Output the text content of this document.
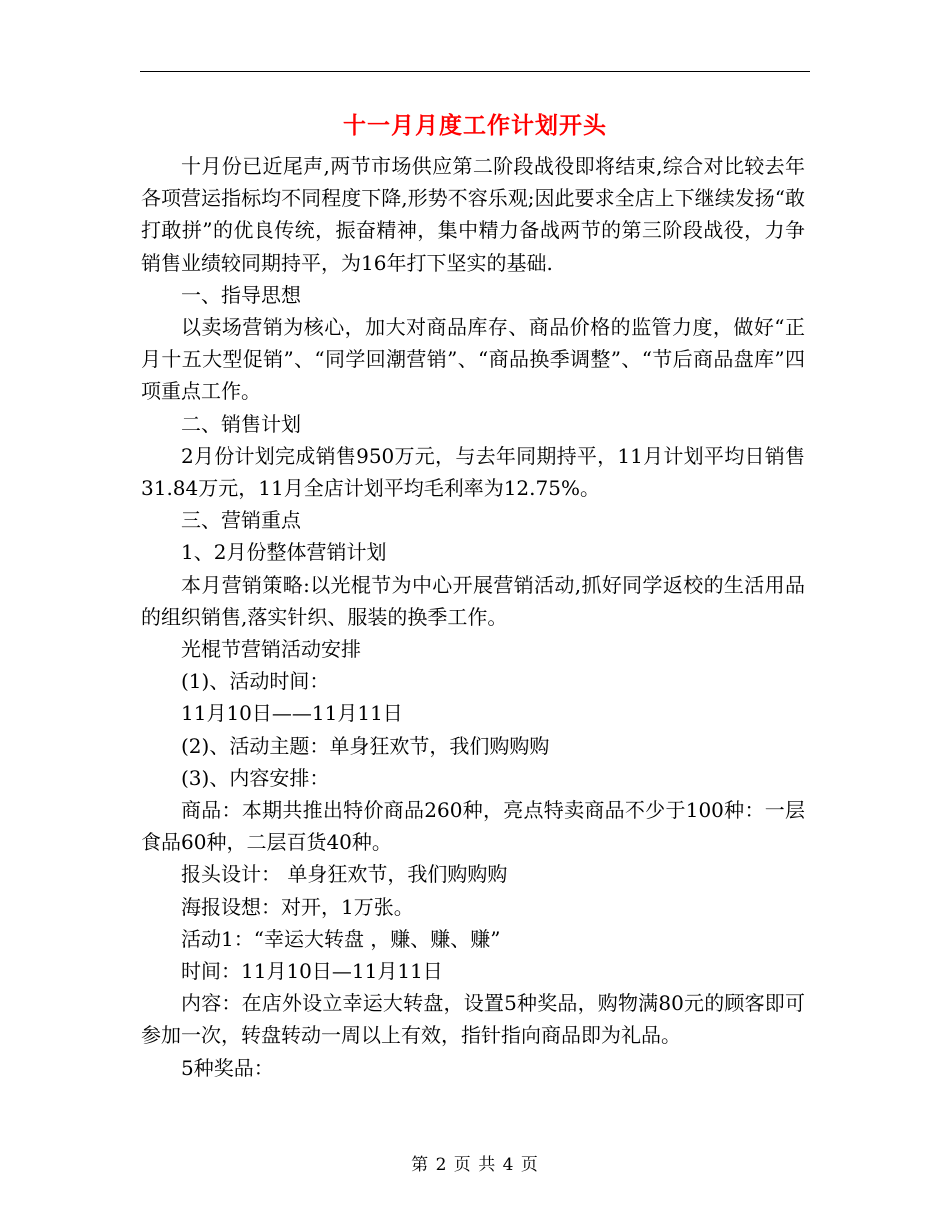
十一月月度工作计划开头

十月份已近尾声,两节市场供应第二阶段战役即将结束,综合对比较去年各项营运指标均不同程度下降,形势不容乐观;因此要求全店上下继续发扬“敢打敢拼”的优良传统，振奋精神，集中精力备战两节的第三阶段战役，力争销售业绩较同期持平，为16年打下坚实的基础.

一、指导思想

以卖场营销为核心，加大对商品库存、商品价格的监管力度，做好“正月十五大型促销”、“同学回潮营销”、“商品换季调整”、“节后商品盘库”四项重点工作。

二、销售计划

2月份计划完成销售950万元，与去年同期持平，11月计划平均日销售31.84万元，11月全店计划平均毛利率为12.75%。

三、营销重点

1、2月份整体营销计划

本月营销策略:以光棍节为中心开展营销活动,抓好同学返校的生活用品的组织销售,落实针织、服装的换季工作。

光棍节营销活动安排

(1)、活动时间：

11月10日——11月11日

(2)、活动主题：单身狂欢节，我们购购购

(3)、内容安排：

商品：本期共推出特价商品260种，亮点特卖商品不少于100种：一层食品60种，二层百货40种。

报头设计： 单身狂欢节，我们购购购

海报设想：对开，1万张。

活动1：“幸运大转盘 ，赚、赚、赚”

时间：11月10日—11月11日

内容：在店外设立幸运大转盘，设置5种奖品，购物满80元的顾客即可参加一次，转盘转动一周以上有效，指针指向商品即为礼品。

5种奖品：

第 2 页 共 4 页
